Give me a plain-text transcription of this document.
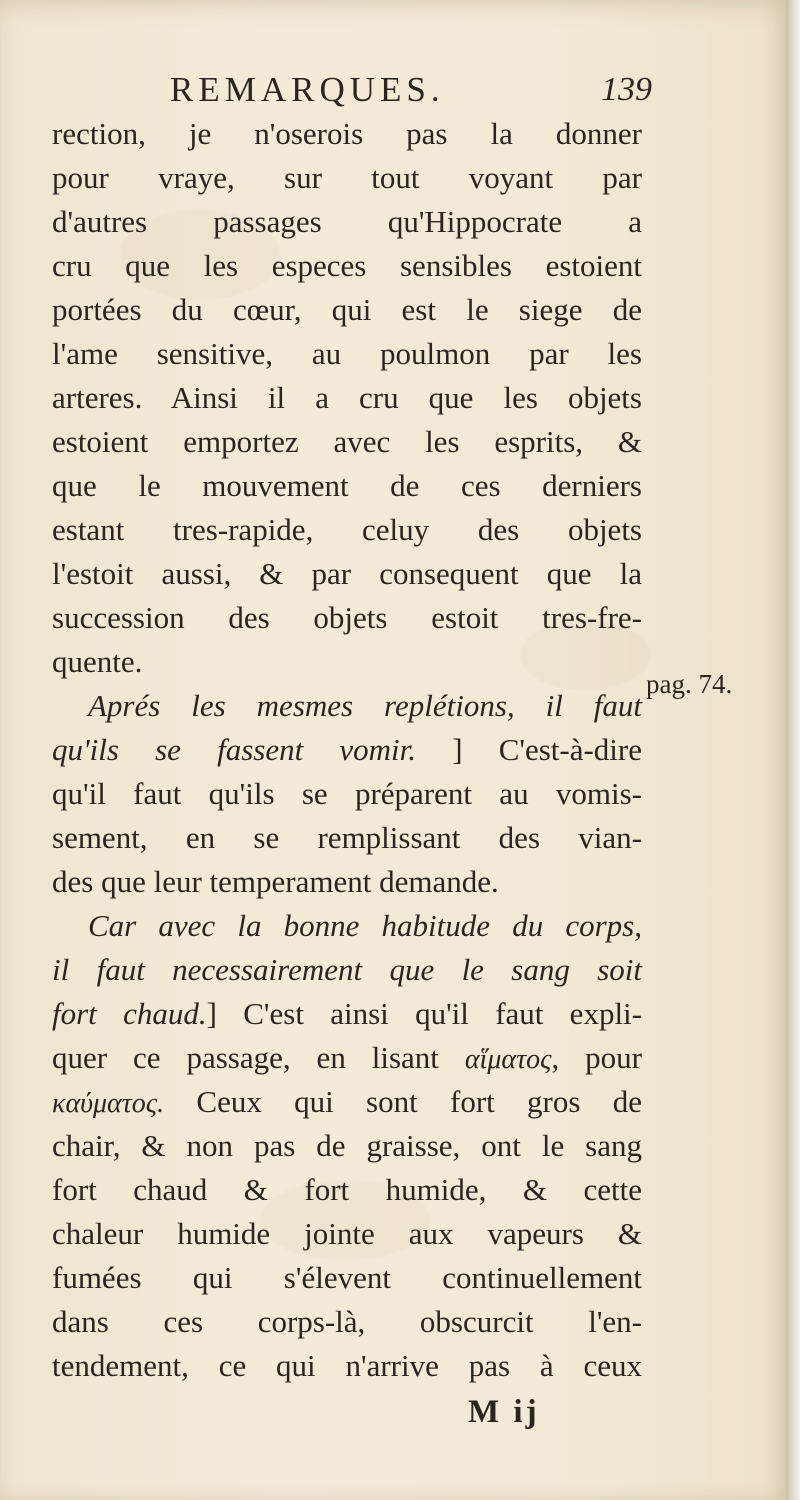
REMARQUES.	139
pag. 74.
rection, je n'oserois pas la donner
pour vraye, sur tout voyant par
d'autres passages qu'Hippocrate a
cru que les especes sensibles estoient
portées du cœur, qui est le siege de
l'ame sensitive, au poulmon par les
arteres. Ainsi il a cru que les objets
estoient emportez avec les esprits, &
que le mouvement de ces derniers
estant tres-rapide, celuy des objets
l'estoit aussi, & par consequent que la
succession des objets estoit tres-fre-
quente.
Aprés les mesmes replétions, il faut
qu'ils se fassent vomir. ] C'est-à-dire
qu'il faut qu'ils se préparent au vomis-
sement, en se remplissant des vian-
des que leur temperament demande.
Car avec la bonne habitude du corps,
il faut necessairement que le sang soit
fort chaud.] C'est ainsi qu'il faut expli-
quer ce passage, en lisant αἵματος, pour
καύματος. Ceux qui sont fort gros de
chair, & non pas de graisse, ont le sang
fort chaud & fort humide, & cette
chaleur humide jointe aux vapeurs &
fumées qui s'élevent continuellement
dans ces corps-là, obscurcit l'en-
tendement, ce qui n'arrive pas à ceux
M ij
